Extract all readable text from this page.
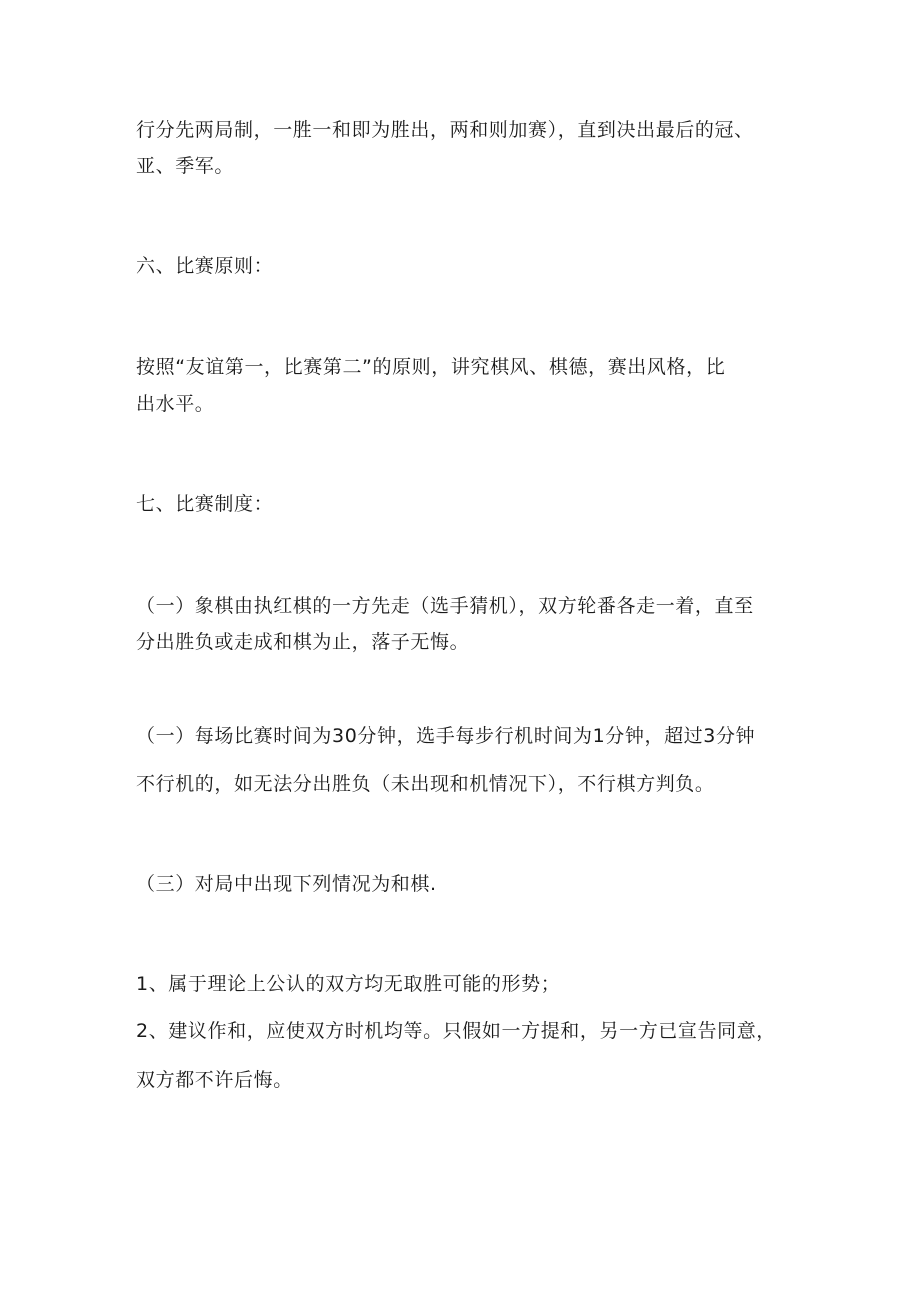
行分先两局制，一胜一和即为胜出，两和则加赛），直到决出最后的冠、
亚、季军。
六、比赛原则：
按照“友谊第一，比赛第二”的原则，讲究棋风、棋德，赛出风格，比
出水平。
七、比赛制度：
（一）象棋由执红棋的一方先走（选手猜机），双方轮番各走一着，直至
分出胜负或走成和棋为止，落子无悔。
（一）每场比赛时间为30分钟，选手每步行机时间为1分钟，超过3分钟
不行机的，如无法分出胜负（未出现和机情况下），不行棋方判负。
（三）对局中出现下列情况为和棋.
1、属于理论上公认的双方均无取胜可能的形势；
2、建议作和，应使双方时机均等。只假如一方提和，另一方已宣告同意，
双方都不许后悔。
